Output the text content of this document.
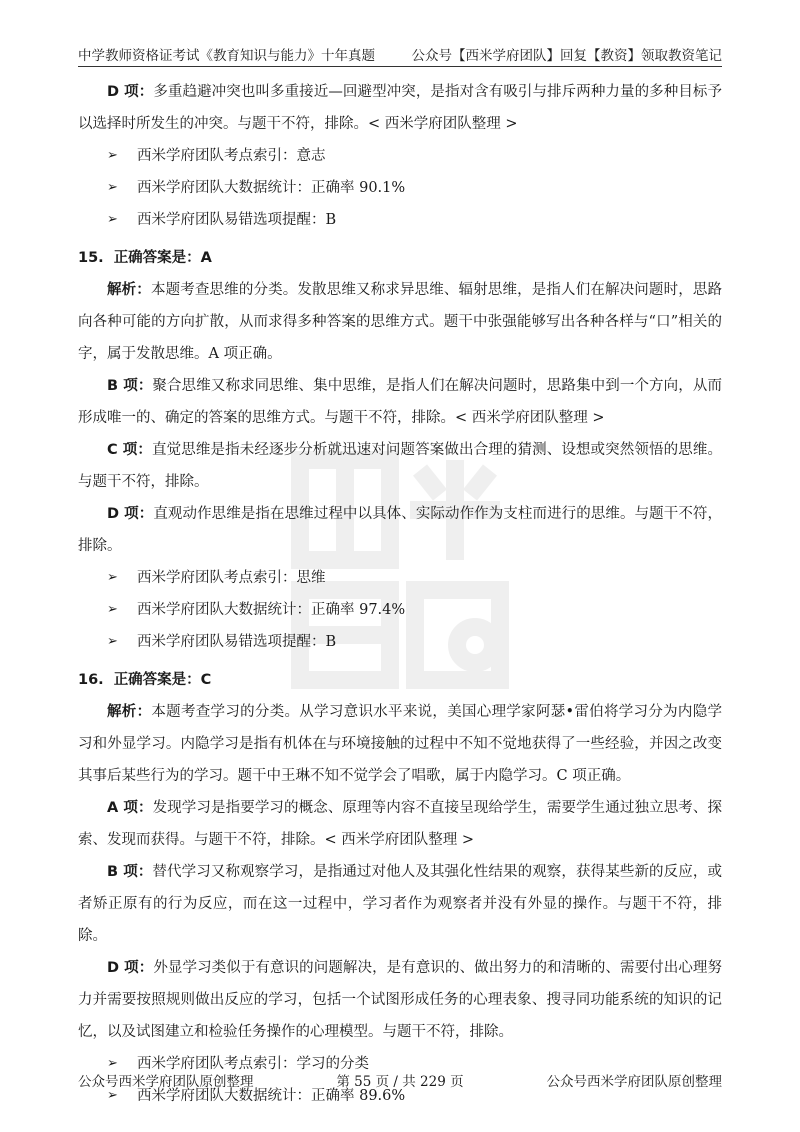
中学教师资格证考试《教育知识与能力》十年真题	公众号【西米学府团队】回复【教资】领取教资笔记

D 项：多重趋避冲突也叫多重接近—回避型冲突，是指对含有吸引与排斥两种力量的多种目标予以选择时所发生的冲突。与题干不符，排除。< 西米学府团队整理 >

➢	西米学府团队考点索引：意志

➢	西米学府团队大数据统计：正确率 90.1%

➢	西米学府团队易错选项提醒：B

15. 正确答案是：A

解析：本题考查思维的分类。发散思维又称求异思维、辐射思维，是指人们在解决问题时，思路向各种可能的方向扩散，从而求得多种答案的思维方式。题干中张强能够写出各种各样与“口”相关的字，属于发散思维。A 项正确。

B 项：聚合思维又称求同思维、集中思维，是指人们在解决问题时，思路集中到一个方向，从而形成唯一的、确定的答案的思维方式。与题干不符，排除。< 西米学府团队整理 >

C 项：直觉思维是指未经逐步分析就迅速对问题答案做出合理的猜测、设想或突然领悟的思维。与题干不符，排除。

D 项：直观动作思维是指在思维过程中以具体、实际动作作为支柱而进行的思维。与题干不符，排除。

➢	西米学府团队考点索引：思维

➢	西米学府团队大数据统计：正确率 97.4%

➢	西米学府团队易错选项提醒：B

16. 正确答案是：C

解析：本题考查学习的分类。从学习意识水平来说，美国心理学家阿瑟•雷伯将学习分为内隐学习和外显学习。内隐学习是指有机体在与环境接触的过程中不知不觉地获得了一些经验，并因之改变其事后某些行为的学习。题干中王琳不知不觉学会了唱歌，属于内隐学习。C 项正确。

A 项：发现学习是指要学习的概念、原理等内容不直接呈现给学生，需要学生通过独立思考、探索、发现而获得。与题干不符，排除。< 西米学府团队整理 >

B 项：替代学习又称观察学习，是指通过对他人及其强化性结果的观察，获得某些新的反应，或者矫正原有的行为反应，而在这一过程中，学习者作为观察者并没有外显的操作。与题干不符，排除。

D 项：外显学习类似于有意识的问题解决，是有意识的、做出努力的和清晰的、需要付出心理努力并需要按照规则做出反应的学习，包括一个试图形成任务的心理表象、搜寻同功能系统的知识的记忆，以及试图建立和检验任务操作的心理模型。与题干不符，排除。

➢	西米学府团队考点索引：学习的分类

➢	西米学府团队大数据统计：正确率 89.6%

公众号西米学府团队原创整理	第 55 页 / 共 229 页	公众号西米学府团队原创整理
